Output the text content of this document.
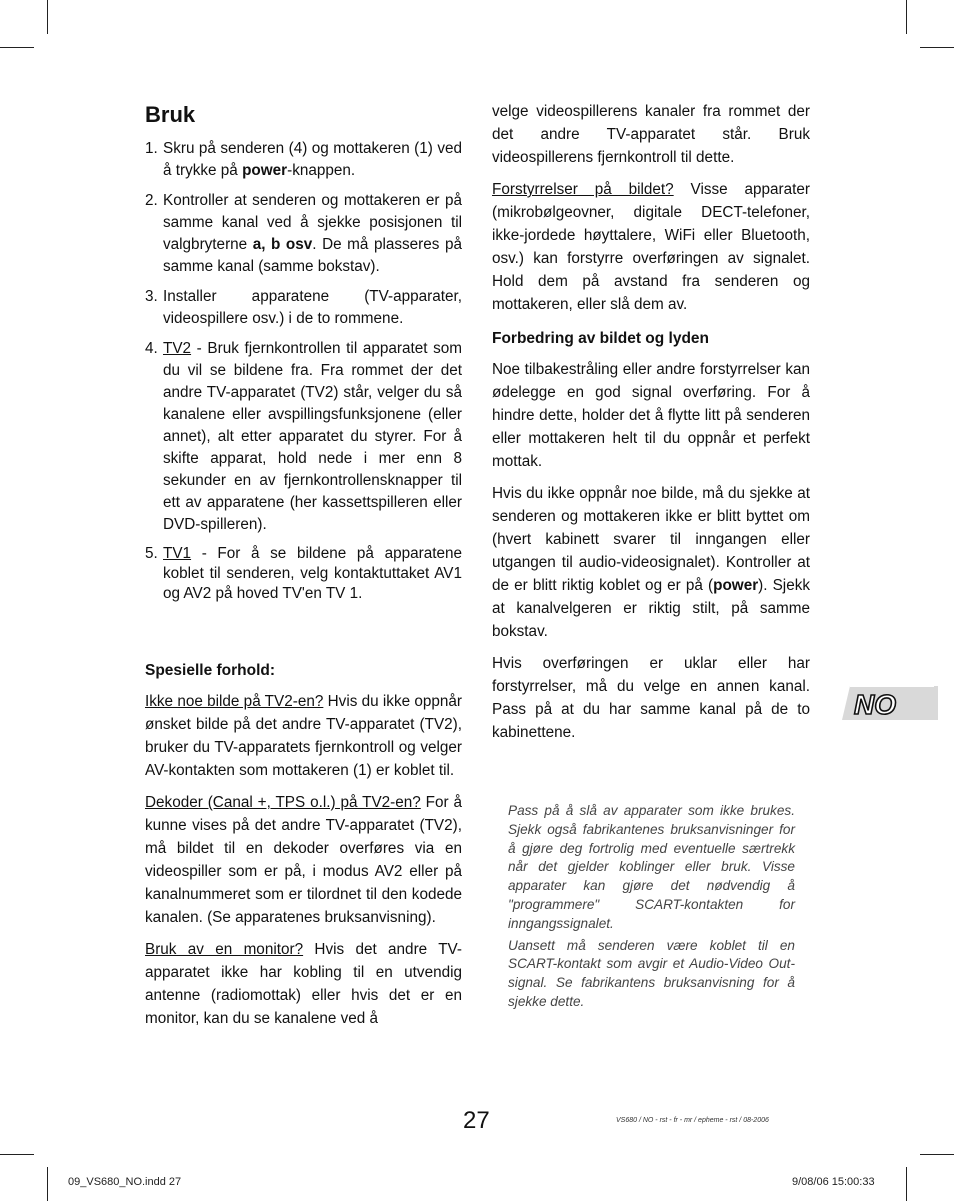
Bruk
1. Skru på senderen (4) og mottakeren (1) ved å trykke på power-knappen.
2. Kontroller at senderen og mottakeren er på samme kanal ved å sjekke posisjonen til valgbryterne a, b osv. De må plasseres på samme kanal (samme bokstav).
3. Installer apparatene (TV-apparater, videospillere osv.) i de to rommene.
4. TV2 - Bruk fjernkontrollen til apparatet som du vil se bildene fra. Fra rommet der det andre TV-apparatet (TV2) står, velger du så kanalene eller avspillingsfunksjonene (eller annet), alt etter apparatet du styrer. For å skifte apparat, hold nede i mer enn 8 sekunder en av fjernkontrollensknapper til ett av apparatene (her kassettspilleren eller DVD-spilleren).
5. TV1 - For å se bildene på apparatene koblet til senderen, velg kontaktuttaket AV1 og AV2 på hoved TV'en TV 1.
Spesielle forhold:

Ikke noe bilde på TV2-en? Hvis du ikke oppnår ønsket bilde på det andre TV-apparatet (TV2), bruker du TV-apparatets fjernkontroll og velger AV-kontakten som mottakeren (1) er koblet til.

Dekoder (Canal +, TPS o.l.) på TV2-en? For å kunne vises på det andre TV-apparatet (TV2), må bildet til en dekoder overføres via en videospiller som er på, i modus AV2 eller på kanalnummeret som er tilordnet til den kodede kanalen. (Se apparatenes bruksanvisning).

Bruk av en monitor? Hvis det andre TV-apparatet ikke har kobling til en utvendig antenne (radiomottak) eller hvis det er en monitor, kan du se kanalene ved å

velge videospillerens kanaler fra rommet der det andre TV-apparatet står. Bruk videospillerens fjernkontroll til dette.

Forstyrrelser på bildet? Visse apparater (mikrobølgeovner, digitale DECT-telefoner, ikke-jordede høyttalere, WiFi eller Bluetooth, osv.) kan forstyrre overføringen av signalet. Hold dem på avstand fra senderen og mottakeren, eller slå dem av.

Forbedring av bildet og lyden

Noe tilbakestråling eller andre forstyrrelser kan ødelegge en god signal overføring. For å hindre dette, holder det å flytte litt på senderen eller mottakeren helt til du oppnår et perfekt mottak.

Hvis du ikke oppnår noe bilde, må du sjekke at senderen og mottakeren ikke er blitt byttet om (hvert kabinett svarer til inngangen eller utgangen til audio-videosignalet). Kontroller at de er blitt riktig koblet og er på (power). Sjekk at kanalvelgeren er riktig stilt, på samme bokstav.

Hvis overføringen er uklar eller har forstyrrelser, må du velge en annen kanal. Pass på at du har samme kanal på de to kabinettene.

Pass på å slå av apparater som ikke brukes. Sjekk også fabrikantenes bruksanvisninger for å gjøre deg fortrolig med eventuelle særtrekk når det gjelder koblinger eller bruk. Visse apparater kan gjøre det nødvendig å "programmere" SCART-kontakten for inngangssignalet.

Uansett må senderen være koblet til en SCART-kontakt som avgir et Audio-Video Out-signal. Se fabrikantens bruksanvisning for å sjekke dette.

NO
27	VS680 / NO - rst - fr - mr / epheme - rst / 08-2006
09_VS680_NO.indd 27	9/08/06 15:00:33
